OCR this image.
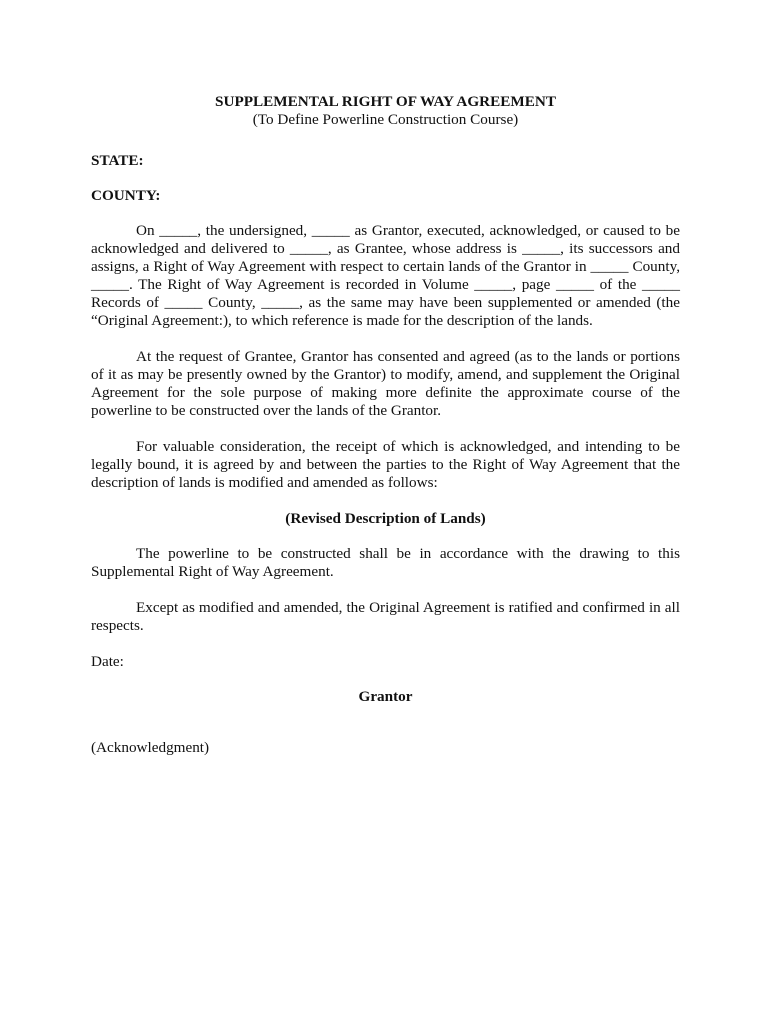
SUPPLEMENTAL RIGHT OF WAY AGREEMENT

(To Define Powerline Construction Course)

STATE:

COUNTY:

On _____, the undersigned, _____ as Grantor, executed, acknowledged, or caused to be acknowledged and delivered to _____, as Grantee, whose address is _____, its successors and assigns, a Right of Way Agreement with respect to certain lands of the Grantor in _____ County, _____. The Right of Way Agreement is recorded in Volume _____, page _____ of the _____ Records of _____ County, _____, as the same may have been supplemented or amended (the “Original Agreement:), to which reference is made for the description of the lands.

At the request of Grantee, Grantor has consented and agreed (as to the lands or portions of it as may be presently owned by the Grantor) to modify, amend, and supplement the Original Agreement for the sole purpose of making more definite the approximate course of the powerline to be constructed over the lands of the Grantor.

For valuable consideration, the receipt of which is acknowledged, and intending to be legally bound, it is agreed by and between the parties to the Right of Way Agreement that the description of lands is modified and amended as follows:

(Revised Description of Lands)

The powerline to be constructed shall be in accordance with the drawing to this Supplemental Right of Way Agreement.

Except as modified and amended, the Original Agreement is ratified and confirmed in all respects.

Date:

Grantor

(Acknowledgment)
